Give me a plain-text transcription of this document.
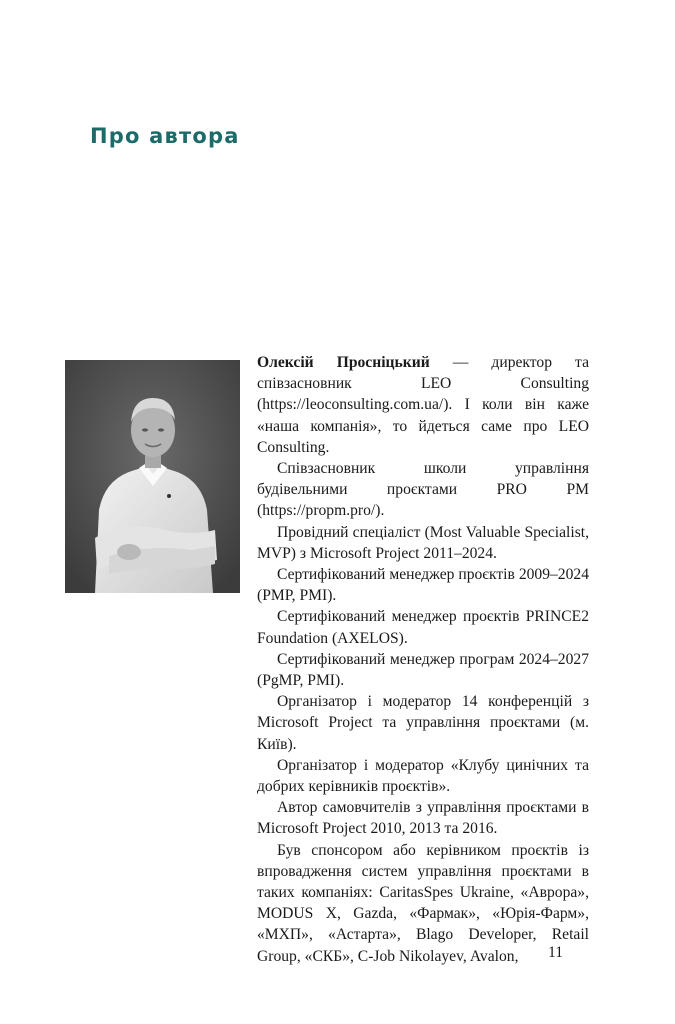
Про автора

Олексій Просніцький — директор та співзасновник LEO Consulting (https://leoconsulting.com.ua/). І коли він каже «наша компанія», то йдеться саме про LEO Consulting.

Співзасновник школи управління будівельними проєктами PRO PM (https://propm.pro/).

Провідний спеціаліст (Most Valuable Specialist, MVP) з Microsoft Project 2011–2024.

Сертифікований менеджер проєктів 2009–2024 (PMP, PMI).

Сертифікований менеджер проєктів PRINCE2 Foundation (AXELOS).

Сертифікований менеджер програм 2024–2027 (PgMP, PMI).

Організатор і модератор 14 конференцій з Microsoft Project та управління проєктами (м. Київ).

Організатор і модератор «Клубу цинічних та добрих керівників проєктів».

Автор самовчителів з управління проєктами в Microsoft Project 2010, 2013 та 2016.

Був спонсором або керівником проєктів із впровадження систем управління проєктами в таких компаніях: CaritasSpes Ukraine, «Аврора», MODUS X, Gazda, «Фармак», «Юрія-Фарм», «МХП», «Астарта», Blago Developer, Retail Group, «СКБ», C-Job Nikolayev, Avalon,	11
